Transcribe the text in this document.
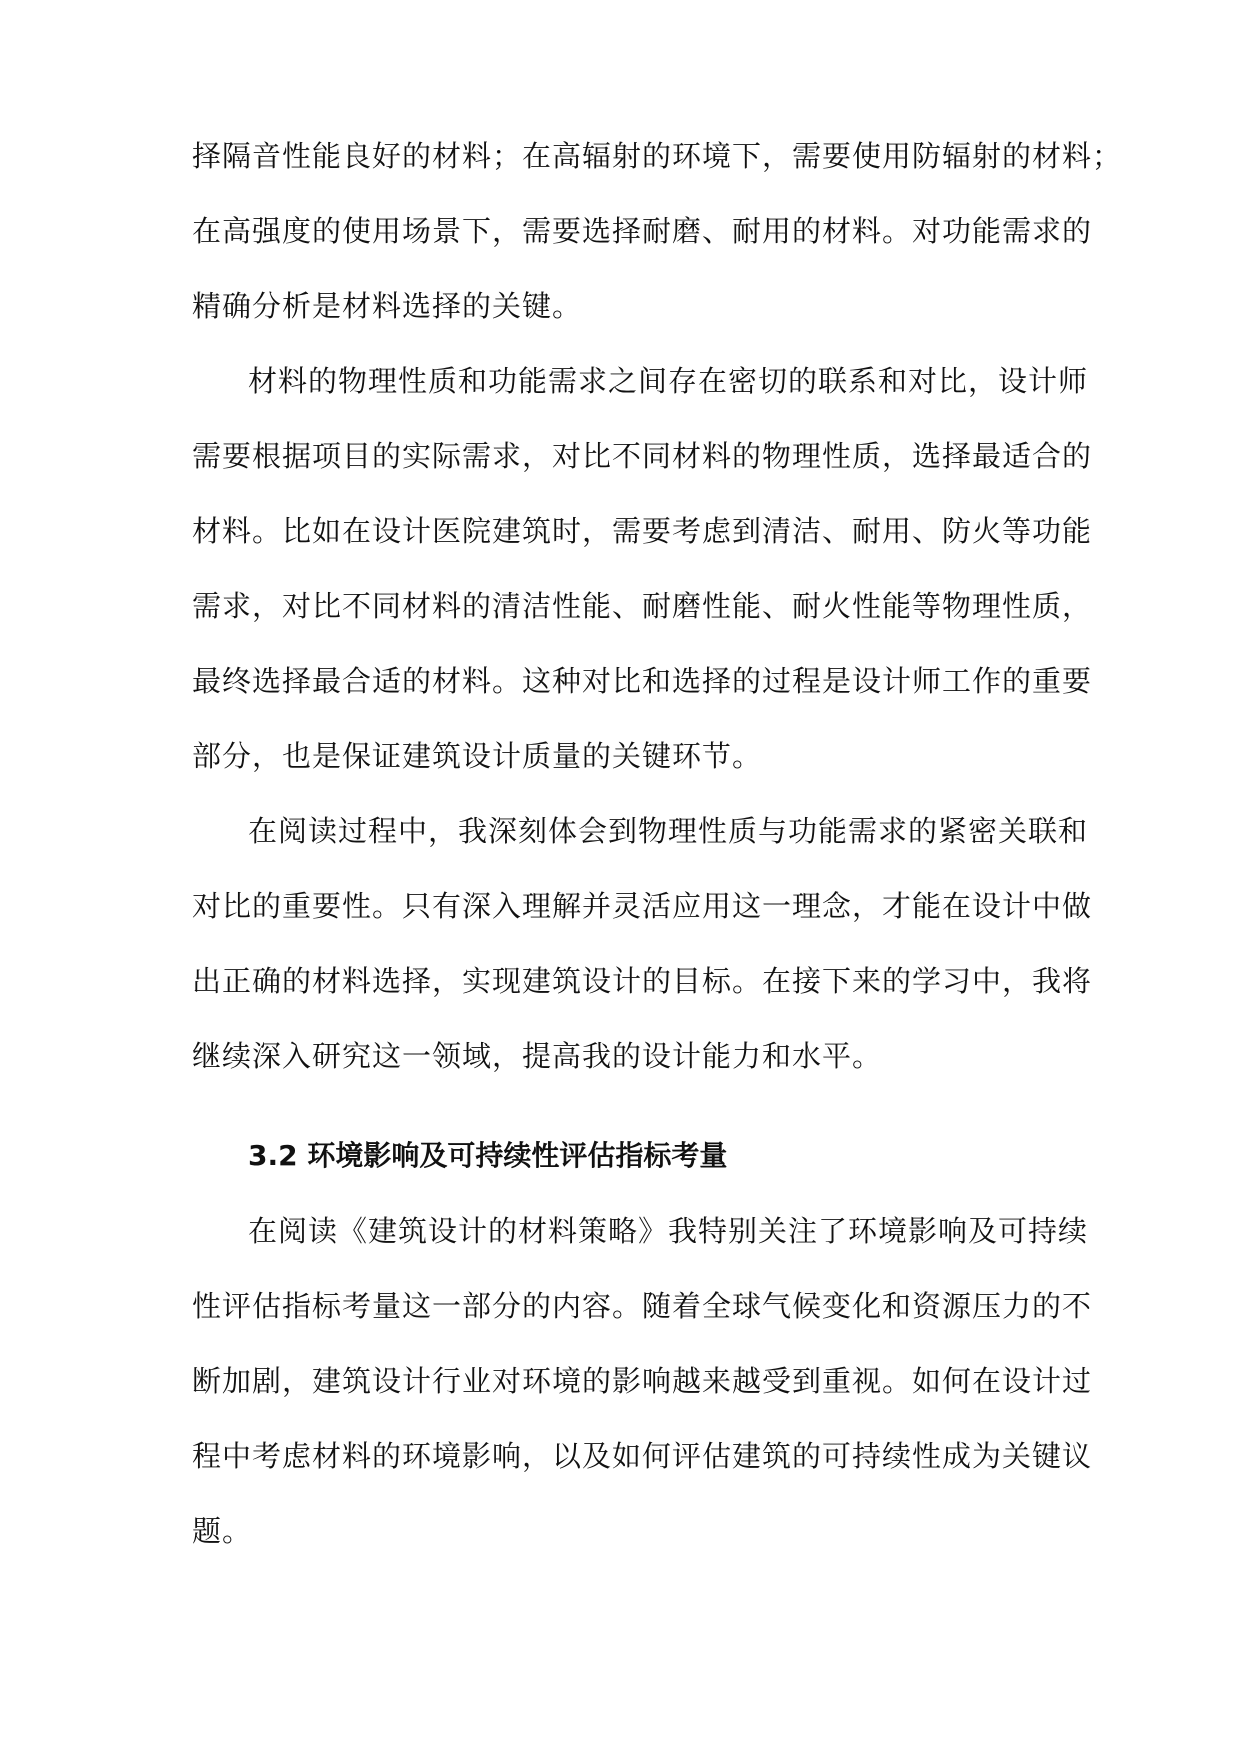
择隔音性能良好的材料；在高辐射的环境下，需要使用防辐射的材料；
在高强度的使用场景下，需要选择耐磨、耐用的材料。对功能需求的
精确分析是材料选择的关键。
材料的物理性质和功能需求之间存在密切的联系和对比，设计师
需要根据项目的实际需求，对比不同材料的物理性质，选择最适合的
材料。比如在设计医院建筑时，需要考虑到清洁、耐用、防火等功能
需求，对比不同材料的清洁性能、耐磨性能、耐火性能等物理性质，
最终选择最合适的材料。这种对比和选择的过程是设计师工作的重要
部分，也是保证建筑设计质量的关键环节。
在阅读过程中，我深刻体会到物理性质与功能需求的紧密关联和
对比的重要性。只有深入理解并灵活应用这一理念，才能在设计中做
出正确的材料选择，实现建筑设计的目标。在接下来的学习中，我将
继续深入研究这一领域，提高我的设计能力和水平。
3.2 环境影响及可持续性评估指标考量
在阅读《建筑设计的材料策略》我特别关注了环境影响及可持续
性评估指标考量这一部分的内容。随着全球气候变化和资源压力的不
断加剧，建筑设计行业对环境的影响越来越受到重视。如何在设计过
程中考虑材料的环境影响，以及如何评估建筑的可持续性成为关键议
题。
